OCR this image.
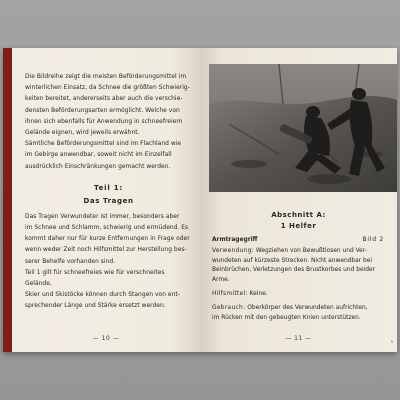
Die Bildreihe zeigt die meisten Beförderungsmittel im

winterlichen Einsatz, da Schnee die größten Schwierig-

keiten bereitet, andererseits aber auch die verschie-

densten Beförderungsarten ermöglicht. Welche von

ihnen sich ebenfalls für Anwendung in schneefreiem

Gelände eignen, wird jeweils erwähnt.

Sämtliche Beförderungsmittel sind im Flachland wie

im Gebirge anwendbar, soweit nicht im Einzelfall

ausdrücklich Einschränkungen gemacht werden.

Teil 1:
Das Tragen

Das Tragen Verwundeter ist immer, besonders aber

im Schnee und Schlamm, schwierig und ermüdend. Es

kommt daher nur für kurze Entfernungen in Frage oder

wenn weder Zeit noch Hilfsmittel zur Herstellung bes-

serer Behelfe vorhanden sind.

Teil 1 gilt für schneefreies wie für verschneites Gelände,

Skier und Skistöcke können durch Stangen von ent-

sprechender Länge und Stärke ersetzt werden.

— 10 —
Abschnitt A:
1 Helfer
Armtragegriff	Bild 2
Verwendung: Wegziehen von Bewußtlosen und Ver-
wundeten auf kürzeste Strecken. Nicht anwendbar bei
Beinbrüchen, Verletzungen des Brustkorbes und beider
Arme.
Hilfsmittel: Keine.
Gebrauch: Oberkörper des Verwundeten aufrichten,
im Rücken mit den gebeugten Knien unterstützen.
— 11 —	5
